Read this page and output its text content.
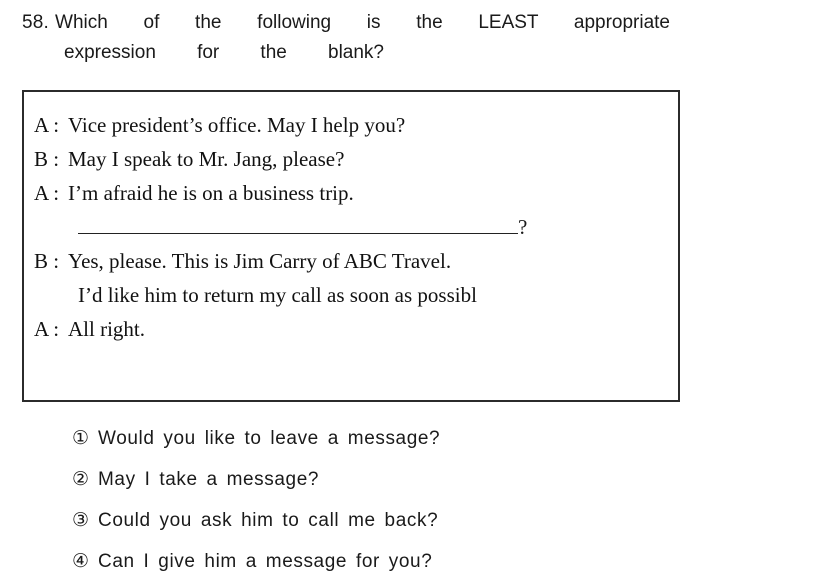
58. Which of the following is the LEAST appropriate
expression for the blank?
A : Vice president’s office. May I help you?
B : May I speak to Mr. Jang, please?
A : I’m afraid he is on a business trip.
?
B : Yes, please. This is Jim Carry of ABC Travel.
I’d like him to return my call as soon as possibl
A : All right.
① Would you like to leave a message?
② May I take a message?
③ Could you ask him to call me back?
④ Can I give him a message for you?
